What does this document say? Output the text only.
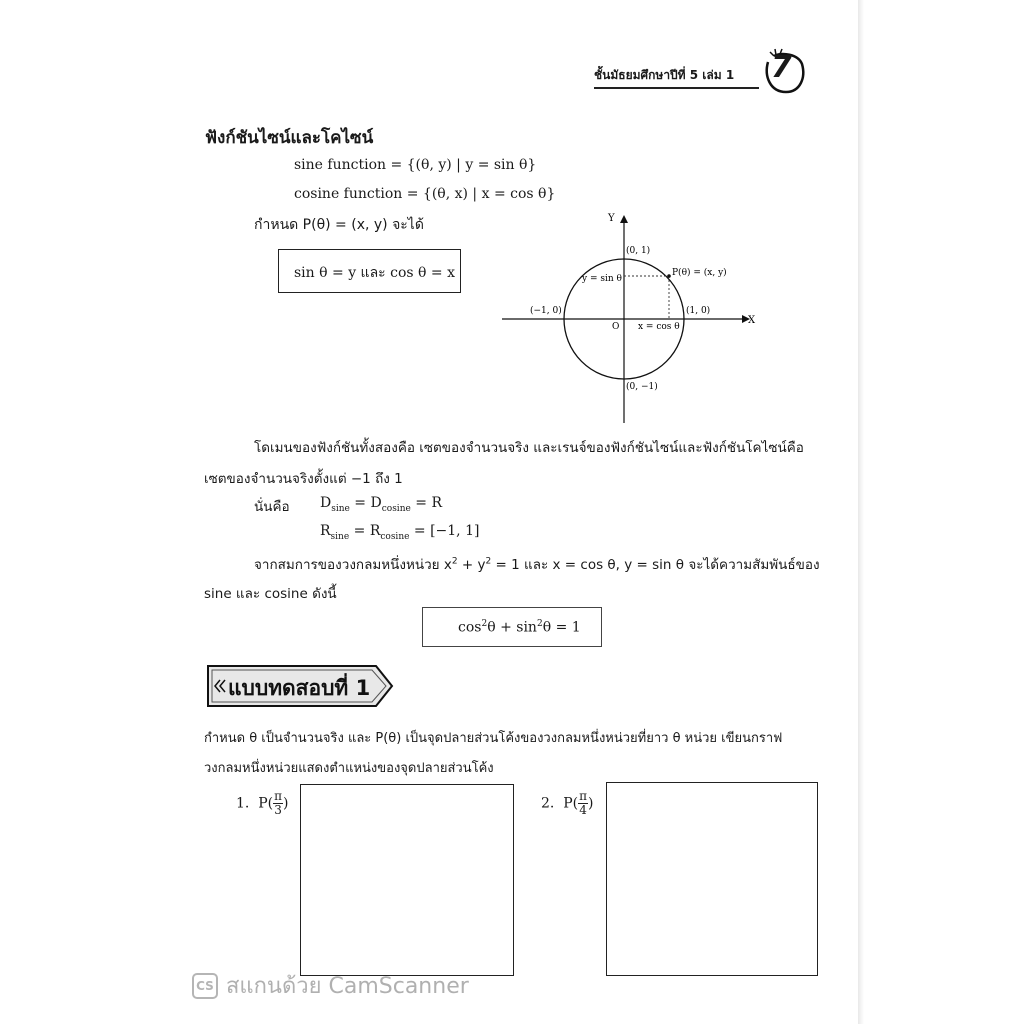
ชั้นมัธยมศึกษาปีที่ 5 เล่ม 1 7
ฟังก์ชันไซน์และโคไซน์
sine function = {(θ, y) | y = sin θ}
cosine function = {(θ, x) | x = cos θ}
กำหนด P(θ) = (x, y) จะได้
sin θ = y และ cos θ = x
Y
X
O
(0, 1)
(0, −1)
(−1, 0)	(1, 0)
P(θ) = (x, y)
y = sin θ
x = cos θ
โดเมนของฟังก์ชันทั้งสองคือ เซตของจำนวนจริง และเรนจ์ของฟังก์ชันไซน์และฟังก์ชันโคไซน์คือ
เซตของจำนวนจริงตั้งแต่ −1 ถึง 1
นั่นคือ $D_{sine} = D_{cosine} = R$
$R_{sine} = R_{cosine} = [-1$, 1]
จากสมการของวงกลมหนึ่งหน่วย $x^2 + y^2 = 1$ และ x = cos θ, y = sin θ จะได้ความสัมพันธ์ของ
sine และ cosine ดังนี้
$\cos^2\theta + \sin^2\theta = 1$
แบบทดสอบที่ 1
กำหนด θ เป็นจำนวนจริง และ P(θ) เป็นจุดปลายส่วนโค้งของวงกลมหนึ่งหน่วยที่ยาว θ หน่วย เขียนกราฟ
วงกลมหนึ่งหน่วยแสดงตำแหน่งของจุดปลายส่วนโค้ง
1. $P( \frac{\pi}{3}$ )	2. $P( \frac{\pi}{4}$ )
CS สแกนด้วย CamScanner
